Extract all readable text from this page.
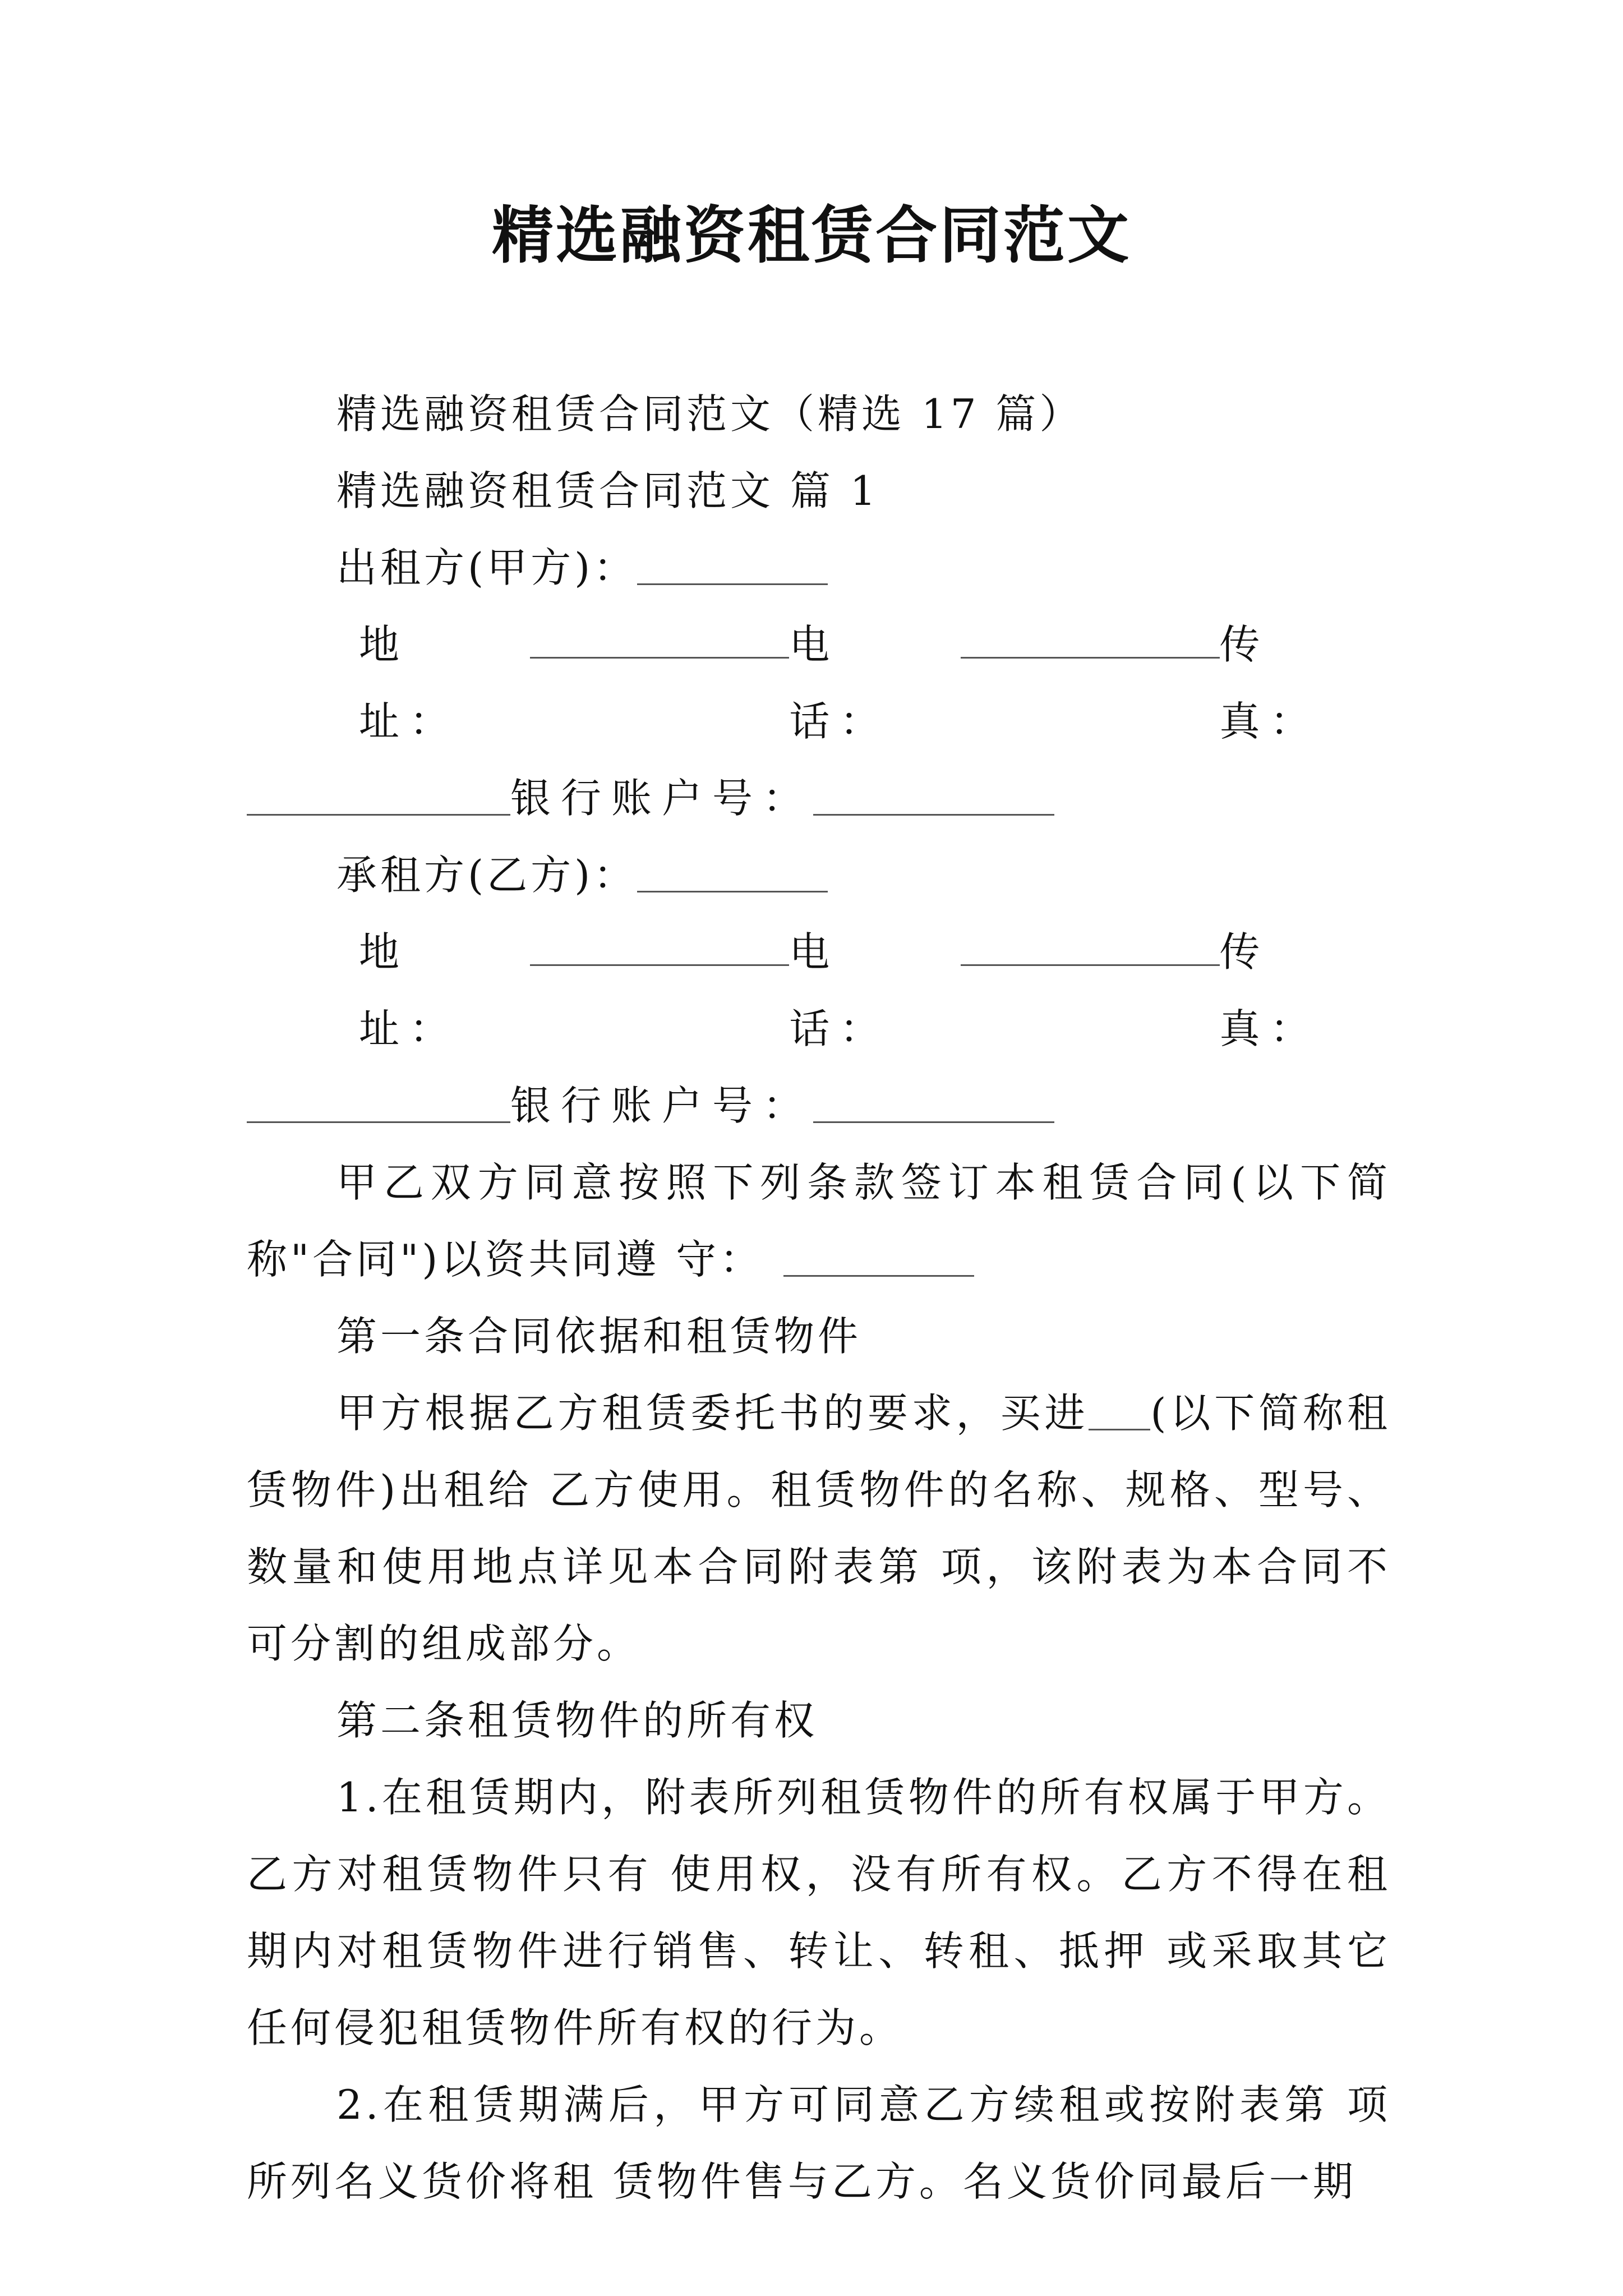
精选融资租赁合同范文

精选融资租赁合同范文（精选 17 篇）

精选融资租赁合同范文 篇 1

出租方(甲方)：

地 址：
电 话：
传 真：

银行账户号：

承租方(乙方)：

地 址：
电 话：
传 真：

银行账户号：

甲乙双方同意按照下列条款签订本租赁合同(以下简称"合同")以资共同遵 守：

第一条合同依据和租赁物件

甲方根据乙方租赁委托书的要求，买进 (以下简称租赁物件)出租给 乙方使用。租赁物件的名称、规格、型号、数量和使用地点详见本合同附表第 项，该附表为本合同不可分割的组成部分。

第二条租赁物件的所有权

1.在租赁期内，附表所列租赁物件的所有权属于甲方。乙方对租赁物件只有 使用权，没有所有权。乙方不得在租期内对租赁物件进行销售、转让、转租、抵押 或采取其它任何侵犯租赁物件所有权的行为。

2.在租赁期满后，甲方可同意乙方续租或按附表第 项所列名义货价将租 赁物件售与乙方。名义货价同最后一期
